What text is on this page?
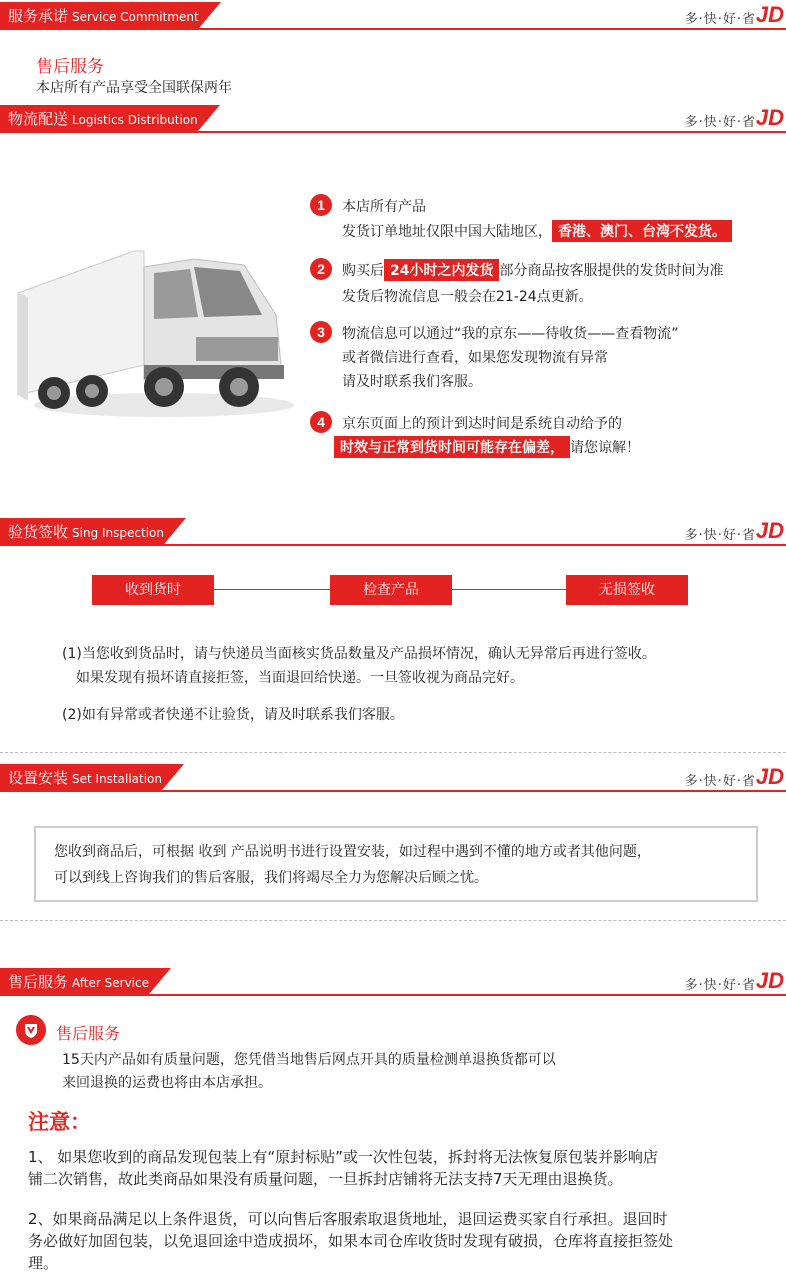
服务承诺 Service Commitment	多·快·好·省 JD
售后服务
本店所有产品享受全国联保两年
物流配送 Logistics Distribution	多·快·好·省 JD
1	本店所有产品
发货订单地址仅限中国大陆地区， 香港、澳门、台湾不发货。
2	购买后 24小时之内发货 部分商品按客服提供的发货时间为准
发货后物流信息一般会在21-24点更新。
3	物流信息可以通过“我的京东——待收货——查看物流”
或者微信进行查看，如果您发现物流有异常
请及时联系我们客服。
4	京东页面上的预计到达时间是系统自动给予的
时效与正常到货时间可能存在偏差， 请您谅解！
验货签收 Sing Inspection	多·快·好·省 JD
收到货时	检查产品	无损签收
(1)当您收到货品时，请与快递员当面核实货品数量及产品损坏情况，确认无异常后再进行签收。
如果发现有损坏请直接拒签，当面退回给快递。一旦签收视为商品完好。
(2)如有异常或者快递不让验货，请及时联系我们客服。
设置安装 Set Installation	多·快·好·省 JD
您收到商品后，可根据 收到 产品说明书进行设置安装，如过程中遇到不懂的地方或者其他问题，
可以到线上咨询我们的售后客服，我们将竭尽全力为您解决后顾之忧。
售后服务 After Service	多·快·好·省 JD
售后服务
15天内产品如有质量问题，您凭借当地售后网点开具的质量检测单退换货都可以
来回退换的运费也将由本店承担。
注意：
1、 如果您收到的商品发现包装上有“原封标贴”或一次性包装，拆封将无法恢复原包装并影响店
铺二次销售，故此类商品如果没有质量问题，一旦拆封店铺将无法支持7天无理由退换货。
2、如果商品满足以上条件退货，可以向售后客服索取退货地址，退回运费买家自行承担。退回时
务必做好加固包装，以免退回途中造成损坏，如果本司仓库收货时发现有破损，仓库将直接拒签处
理。
